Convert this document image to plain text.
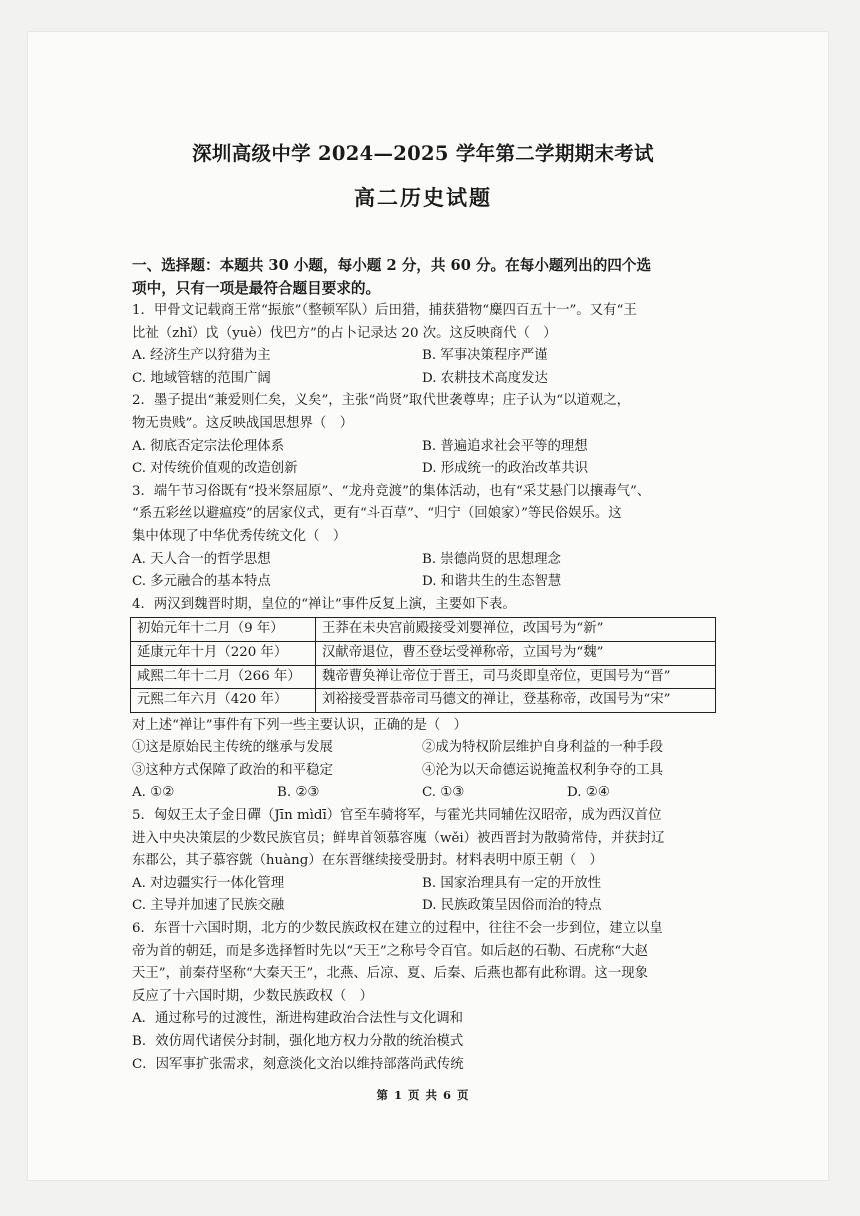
深圳高级中学 2024—2025 学年第二学期期末考试
高二历史试题
一、选择题：本题共 30 小题，每小题 2 分，共 60 分。在每小题列出的四个选
项中，只有一项是最符合题目要求的。
1．甲骨文记载商王常“振旅”（整顿军队）后田猎，捕获猎物“麋四百五十一”。又有“王
比祉（zhǐ）戉（yuè）伐巴方”的占卜记录达 20 次。这反映商代（　）
A. 经济生产以狩猎为主	B. 军事决策程序严谨
C. 地域管辖的范围广阔	D. 农耕技术高度发达
2．墨子提出“兼爱则仁矣，义矣”，主张“尚贤”取代世袭尊卑；庄子认为“以道观之，
物无贵贱”。这反映战国思想界（　）
A. 彻底否定宗法伦理体系	B. 普遍追求社会平等的理想
C. 对传统价值观的改造创新	D. 形成统一的政治改革共识
3．端午节习俗既有“投米祭屈原”、“龙舟竞渡”的集体活动，也有“采艾悬门以攘毒气”、
“系五彩丝以避瘟疫”的居家仪式，更有“斗百草”、“归宁（回娘家）”等民俗娱乐。这
集中体现了中华优秀传统文化（　）
A. 天人合一的哲学思想	B. 崇德尚贤的思想理念
C. 多元融合的基本特点	D. 和谐共生的生态智慧
4．两汉到魏晋时期，皇位的“禅让”事件反复上演，主要如下表。
初始元年十二月（9 年）	王莽在未央宫前殿接受刘婴禅位，改国号为“新”
延康元年十月（220 年）	汉献帝退位，曹丕登坛受禅称帝，立国号为“魏”
咸熙二年十二月（266 年）	魏帝曹奂禅让帝位于晋王，司马炎即皇帝位，更国号为“晋”
元熙二年六月（420 年）	刘裕接受晋恭帝司马德文的禅让，登基称帝，改国号为“宋”
对上述“禅让”事件有下列一些主要认识，正确的是（　）
①这是原始民主传统的继承与发展	②成为特权阶层维护自身利益的一种手段
③这种方式保障了政治的和平稳定	④沦为以天命德运说掩盖权利争夺的工具
A. ①②	B. ②③	C. ①③	D. ②④
5．匈奴王太子金日磾（Jīn mìdī）官至车骑将军，与霍光共同辅佐汉昭帝，成为西汉首位
进入中央决策层的少数民族官员；鲜卑首领慕容廆（wěi）被西晋封为散骑常侍，并获封辽
东郡公，其子慕容皝（huàng）在东晋继续接受册封。材料表明中原王朝（　）
A. 对边疆实行一体化管理	B. 国家治理具有一定的开放性
C. 主导并加速了民族交融	D. 民族政策呈因俗而治的特点
6．东晋十六国时期，北方的少数民族政权在建立的过程中，往往不会一步到位，建立以皇
帝为首的朝廷，而是多选择暂时先以“天王”之称号令百官。如后赵的石勒、石虎称“大赵
天王”，前秦苻坚称“大秦天王”，北燕、后凉、夏、后秦、后燕也都有此称谓。这一现象
反应了十六国时期，少数民族政权（　）
A．通过称号的过渡性，渐进构建政治合法性与文化调和
B．效仿周代诸侯分封制，强化地方权力分散的统治模式
C．因军事扩张需求，刻意淡化文治以维持部落尚武传统
第 1 页 共 6 页
